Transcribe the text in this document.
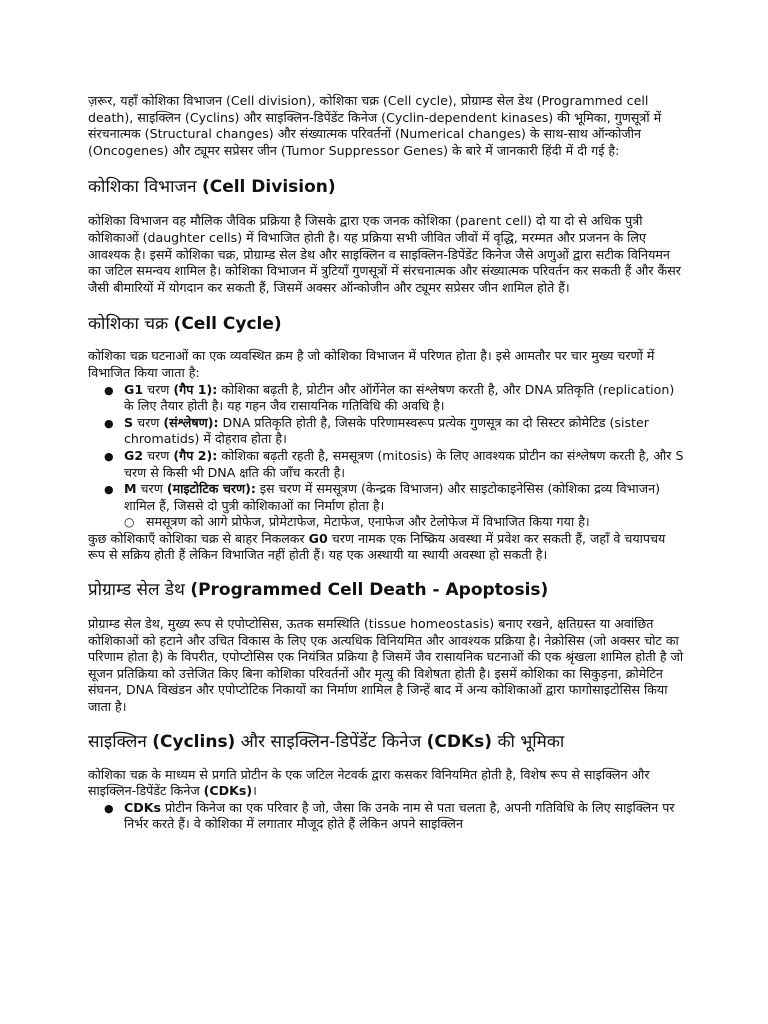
ज़रूर, यहाँ कोशिका विभाजन (Cell division), कोशिका चक्र (Cell cycle), प्रोग्राम्ड सेल डेथ (Programmed cell death), साइक्लिन (Cyclins) और साइक्लिन-डिपेंडेंट किनेज (Cyclin-dependent kinases) की भूमिका, गुणसूत्रों में संरचनात्मक (Structural changes) और संख्यात्मक परिवर्तनों (Numerical changes) के साथ-साथ ऑन्कोजीन (Oncogenes) और ट्यूमर सप्रेसर जीन (Tumor Suppressor Genes) के बारे में जानकारी हिंदी में दी गई है:

कोशिका विभाजन (Cell Division)

कोशिका विभाजन वह मौलिक जैविक प्रक्रिया है जिसके द्वारा एक जनक कोशिका (parent cell) दो या दो से अधिक पुत्री कोशिकाओं (daughter cells) में विभाजित होती है। यह प्रक्रिया सभी जीवित जीवों में वृद्धि, मरम्मत और प्रजनन के लिए आवश्यक है। इसमें कोशिका चक्र, प्रोग्राम्ड सेल डेथ और साइक्लिन व साइक्लिन-डिपेंडेंट किनेज जैसे अणुओं द्वारा सटीक विनियमन का जटिल समन्वय शामिल है। कोशिका विभाजन में त्रुटियाँ गुणसूत्रों में संरचनात्मक और संख्यात्मक परिवर्तन कर सकती हैं और कैंसर जैसी बीमारियों में योगदान कर सकती हैं, जिसमें अक्सर ऑन्कोजीन और ट्यूमर सप्रेसर जीन शामिल होते हैं।

कोशिका चक्र (Cell Cycle)

कोशिका चक्र घटनाओं का एक व्यवस्थित क्रम है जो कोशिका विभाजन में परिणत होता है। इसे आमतौर पर चार मुख्य चरणों में विभाजित किया जाता है:

● G1 चरण (गैप 1): कोशिका बढ़ती है, प्रोटीन और ऑर्गेनेल का संश्लेषण करती है, और DNA प्रतिकृति (replication) के लिए तैयार होती है। यह गहन जैव रासायनिक गतिविधि की अवधि है।
● S चरण (संश्लेषण): DNA प्रतिकृति होती है, जिसके परिणामस्वरूप प्रत्येक गुणसूत्र का दो सिस्टर क्रोमेटिड (sister chromatids) में दोहराव होता है।
● G2 चरण (गैप 2): कोशिका बढ़ती रहती है, समसूत्रण (mitosis) के लिए आवश्यक प्रोटीन का संश्लेषण करती है, और S चरण से किसी भी DNA क्षति की जाँच करती है।
● M चरण (माइटोटिक चरण): इस चरण में समसूत्रण (केन्द्रक विभाजन) और साइटोकाइनेसिस (कोशिका द्रव्य विभाजन) शामिल हैं, जिससे दो पुत्री कोशिकाओं का निर्माण होता है।
○ समसूत्रण को आगे प्रोफेज, प्रोमेटाफेज, मेटाफेज, एनाफेज और टेलोफेज में विभाजित किया गया है।

कुछ कोशिकाएँ कोशिका चक्र से बाहर निकलकर G0 चरण नामक एक निष्क्रिय अवस्था में प्रवेश कर सकती हैं, जहाँ वे चयापचय रूप से सक्रिय होती हैं लेकिन विभाजित नहीं होती हैं। यह एक अस्थायी या स्थायी अवस्था हो सकती है।

प्रोग्राम्ड सेल डेथ (Programmed Cell Death - Apoptosis)

प्रोग्राम्ड सेल डेथ, मुख्य रूप से एपोप्टोसिस, ऊतक समस्थिति (tissue homeostasis) बनाए रखने, क्षतिग्रस्त या अवांछित कोशिकाओं को हटाने और उचित विकास के लिए एक अत्यधिक विनियमित और आवश्यक प्रक्रिया है। नेक्रोसिस (जो अक्सर चोट का परिणाम होता है) के विपरीत, एपोप्टोसिस एक नियंत्रित प्रक्रिया है जिसमें जैव रासायनिक घटनाओं की एक श्रृंखला शामिल होती है जो सूजन प्रतिक्रिया को उत्तेजित किए बिना कोशिका परिवर्तनों और मृत्यु की विशेषता होती है। इसमें कोशिका का सिकुड़ना, क्रोमेटिन संघनन, DNA विखंडन और एपोप्टोटिक निकायों का निर्माण शामिल है जिन्हें बाद में अन्य कोशिकाओं द्वारा फागोसाइटोसिस किया जाता है।

साइक्लिन (Cyclins) और साइक्लिन-डिपेंडेंट किनेज (CDKs) की भूमिका

कोशिका चक्र के माध्यम से प्रगति प्रोटीन के एक जटिल नेटवर्क द्वारा कसकर विनियमित होती है, विशेष रूप से साइक्लिन और साइक्लिन-डिपेंडेंट किनेज (CDKs)।

● CDKs प्रोटीन किनेज का एक परिवार है जो, जैसा कि उनके नाम से पता चलता है, अपनी गतिविधि के लिए साइक्लिन पर निर्भर करते हैं। वे कोशिका में लगातार मौजूद होते हैं लेकिन अपने साइक्लिन
